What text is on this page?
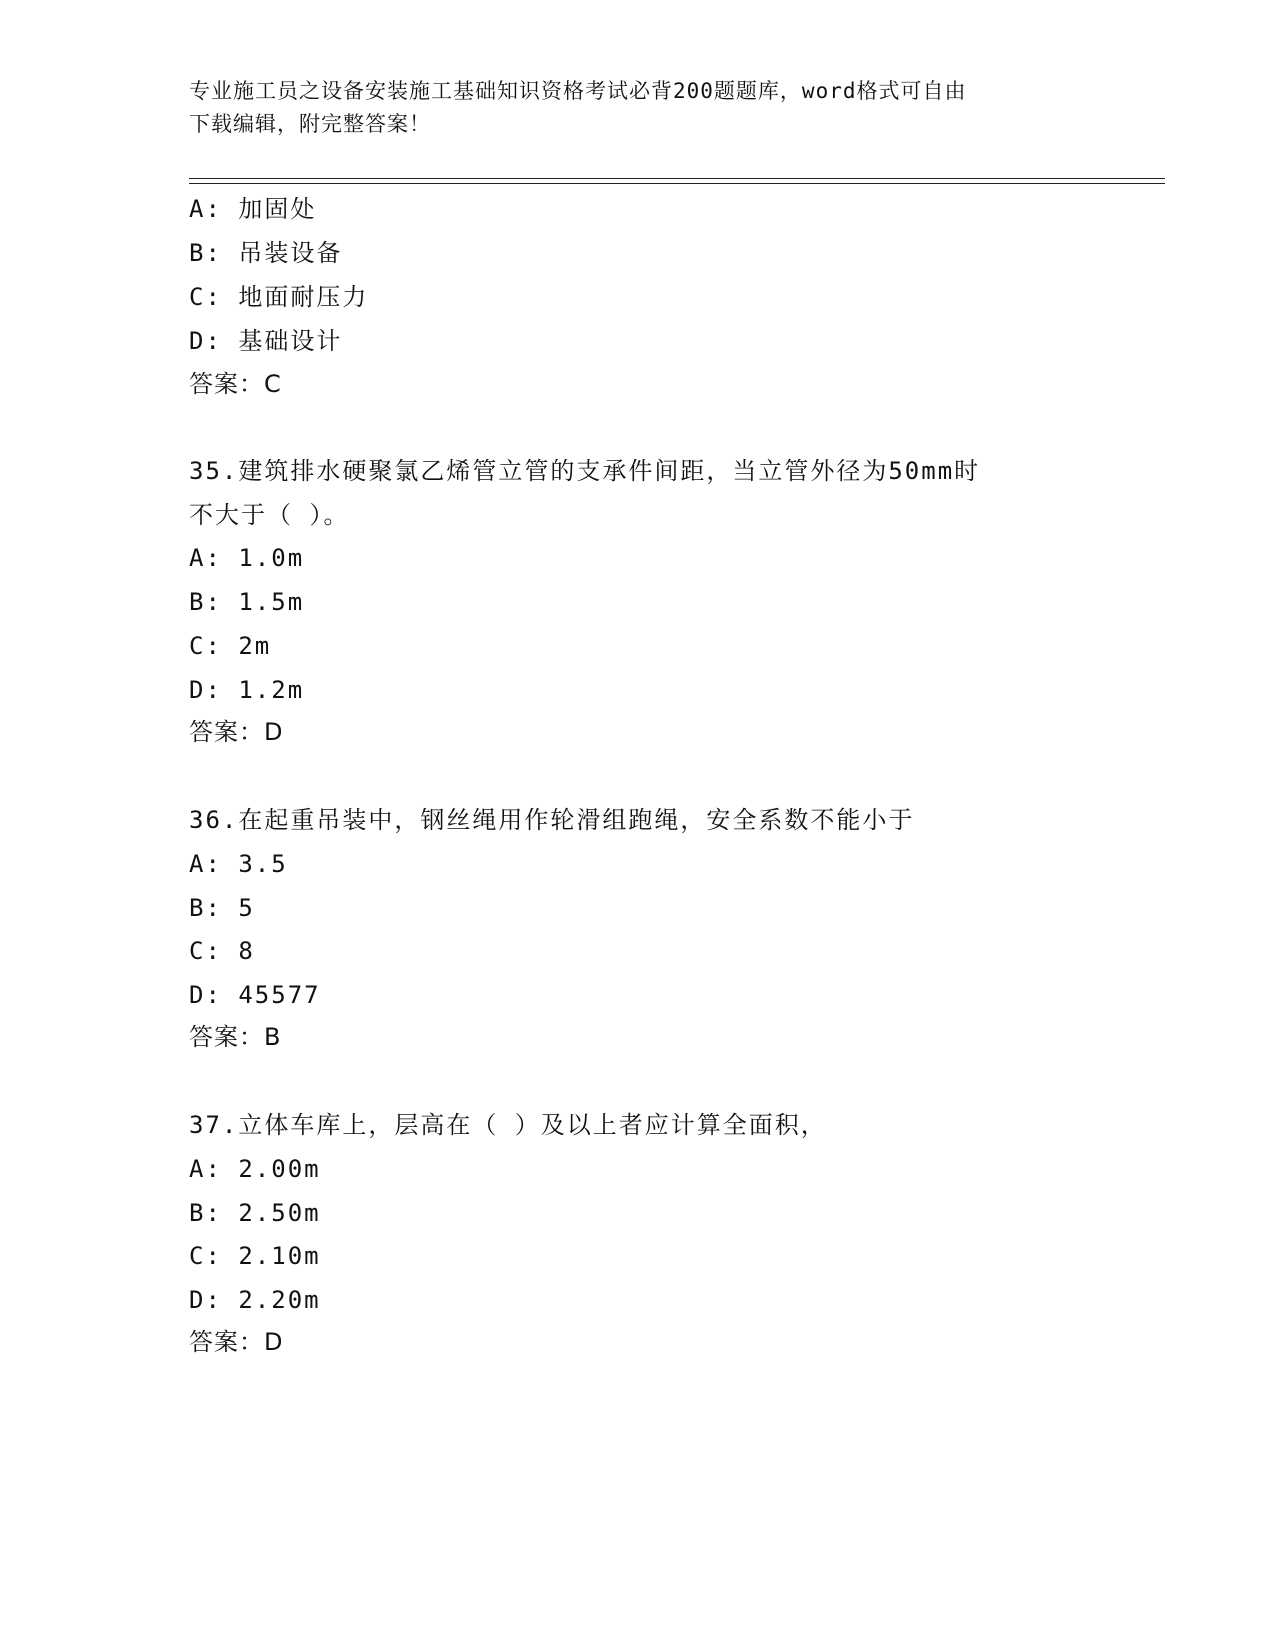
专业施工员之设备安装施工基础知识资格考试必背200题题库，word格式可自由
下载编辑，附完整答案！
A: 加固处
B: 吊装设备
C: 地面耐压力
D: 基础设计
答案：C
35.建筑排水硬聚氯乙烯管立管的支承件间距，当立管外径为50mm时
不大于（ ）。
A: 1.0m
B: 1.5m
C: 2m
D: 1.2m
答案：D
36.在起重吊装中，钢丝绳用作轮滑组跑绳，安全系数不能小于
A: 3.5
B: 5
C: 8
D: 45577
答案：B
37.立体车库上，层高在（ ）及以上者应计算全面积，
A: 2.00m
B: 2.50m
C: 2.10m
D: 2.20m
答案：D
